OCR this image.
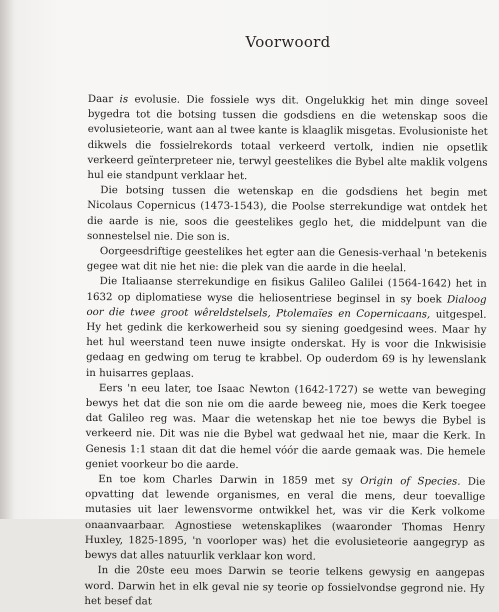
Voorwoord

Daar is evolusie. Die fossiele wys dit. Ongelukkig het min dinge soveel bygedra tot die botsing tussen die godsdiens en die wetenskap soos die evolusieteorie, want aan al twee kante is klaaglik misgetas. Evolusioniste het dikwels die fossielrekords totaal verkeerd vertolk, indien nie opsetlik verkeerd geïnterpreteer nie, terwyl geestelikes die Bybel alte maklik volgens hul eie standpunt verklaar het.

Die botsing tussen die wetenskap en die godsdiens het begin met Nicolaus Copernicus (1473-1543), die Poolse sterrekundige wat ontdek het die aarde is nie, soos die geestelikes geglo het, die middelpunt van die sonnestelsel nie. Die son is.

Oorgeesdriftige geestelikes het egter aan die Genesis-verhaal 'n betekenis gegee wat dit nie het nie: die plek van die aarde in die heelal.

Die Italiaanse sterrekundige en fisikus Galileo Galilei (1564-1642) het in 1632 op diplomatiese wyse die heliosentriese beginsel in sy boek Dialoog oor die twee groot wêreldstelsels, Ptolemaïes en Copernicaans, uitgespel. Hy het gedink die kerkowerheid sou sy siening goedgesind wees. Maar hy het hul weerstand teen nuwe insigte onderskat. Hy is voor die Inkwisisie gedaag en gedwing om terug te krabbel. Op ouderdom 69 is hy lewenslank in huisarres geplaas.

Eers 'n eeu later, toe Isaac Newton (1642-1727) se wette van beweging bewys het dat die son nie om die aarde beweeg nie, moes die Kerk toegee dat Galileo reg was. Maar die wetenskap het nie toe bewys die Bybel is verkeerd nie. Dit was nie die Bybel wat gedwaal het nie, maar die Kerk. In Genesis 1:1 staan dit dat die hemel vóór die aarde gemaak was. Die hemele geniet voorkeur bo die aarde.

En toe kom Charles Darwin in 1859 met sy Origin of Species. Die opvatting dat lewende organismes, en veral die mens, deur toevallige mutasies uit laer lewensvorme ontwikkel het, was vir die Kerk volkome onaanvaarbaar. Agnostiese wetenskaplikes (waaronder Thomas Henry Huxley, 1825-1895, 'n voorloper was) het die evolusieteorie aangegryp as bewys dat alles natuurlik verklaar kon word.

In die 20ste eeu moes Darwin se teorie telkens gewysig en aangepas word. Darwin het in elk geval nie sy teorie op fossielvondse gegrond nie. Hy het besef dat
